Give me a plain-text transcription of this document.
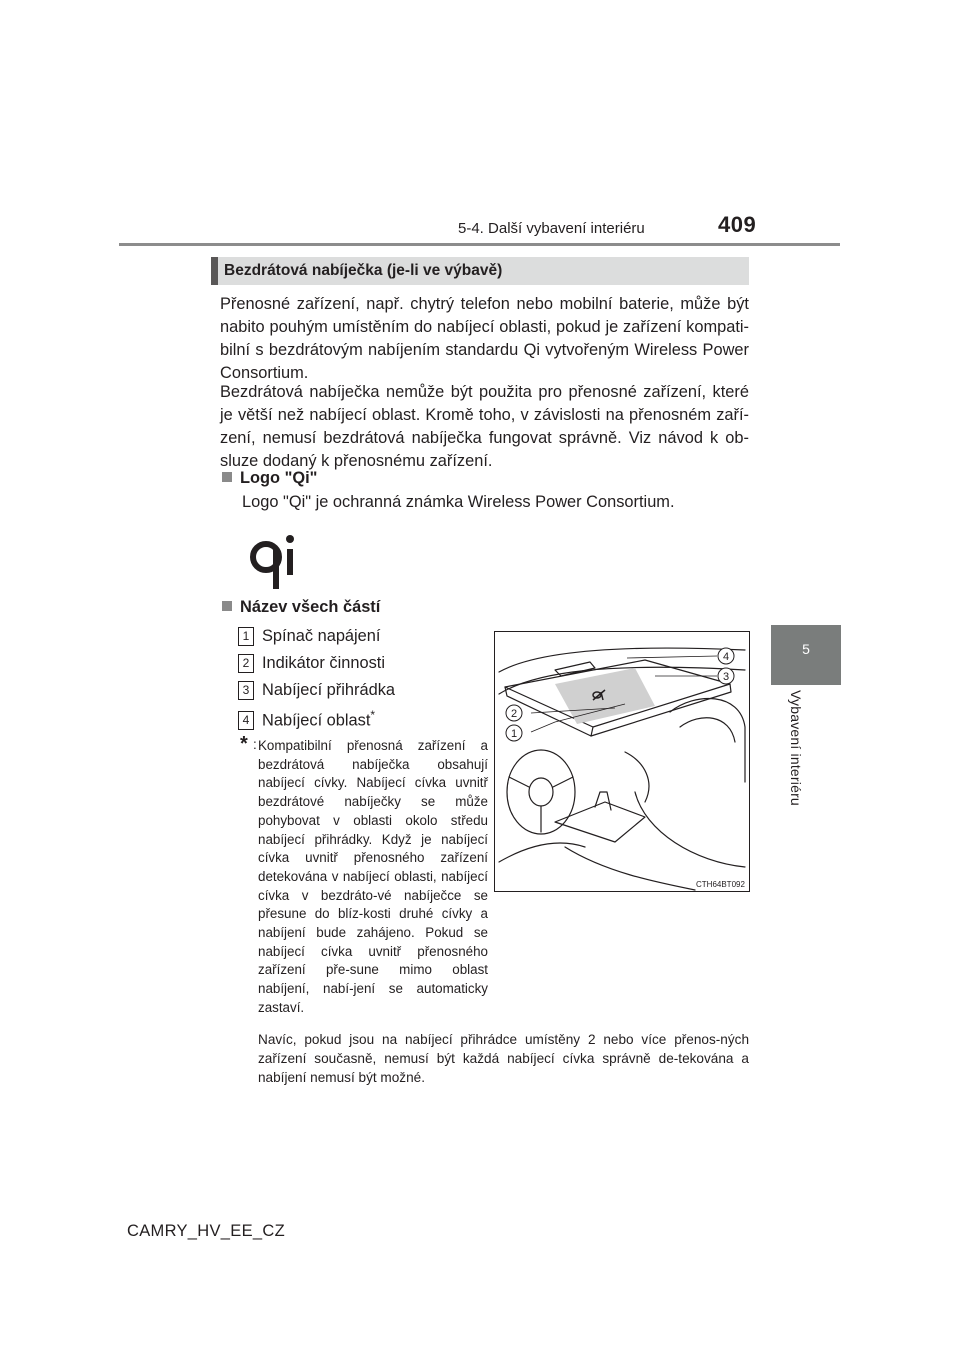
5-4. Další vybavení interiéru	409
5
Vybavení interiéru
Bezdrátová nabíječka (je-li ve výbavě)

Přenosné zařízení, např. chytrý telefon nebo mobilní baterie, může být nabito pouhým umístěním do nabíjecí oblasti, pokud je zařízení kompati-bilní s bezdrátovým nabíjením standardu Qi vytvořeným Wireless Power Consortium.

Bezdrátová nabíječka nemůže být použita pro přenosné zařízení, které je větší než nabíjecí oblast. Kromě toho, v závislosti na přenosném zaří-zení, nemusí bezdrátová nabíječka fungovat správně. Viz návod k ob-sluze dodaný k přenosnému zařízení.

Logo "Qi"
Logo "Qi" je ochranná známka Wireless Power Consortium.
Název všech částí
1 Spínač napájení
2 Indikátor činnosti
3 Nabíjecí přihrádka
4 Nabíjecí oblast*
* : Kompatibilní přenosná zařízení a bezdrátová nabíječka obsahují nabíjecí cívky. Nabíjecí cívka uvnitř bezdrátové nabíječky se může pohybovat v oblasti okolo středu nabíjecí přihrádky. Když je nabíjecí cívka uvnitř přenosného zařízení detekována v nabíjecí oblasti, nabíjecí cívka v bezdráto-vé nabíječce se přesune do blíz-kosti druhé cívky a nabíjení bude zahájeno. Pokud se nabíjecí cívka uvnitř přenosného zařízení pře-sune mimo oblast nabíjení, nabí-jení se automaticky zastaví.

Navíc, pokud jsou na nabíjecí přihrádce umístěny 2 nebo více přenos-ných zařízení současně, nemusí být každá nabíjecí cívka správně de-tekována a nabíjení nemusí být možné.

4
3
2
1
CTH64BT092
CAMRY_HV_EE_CZ
